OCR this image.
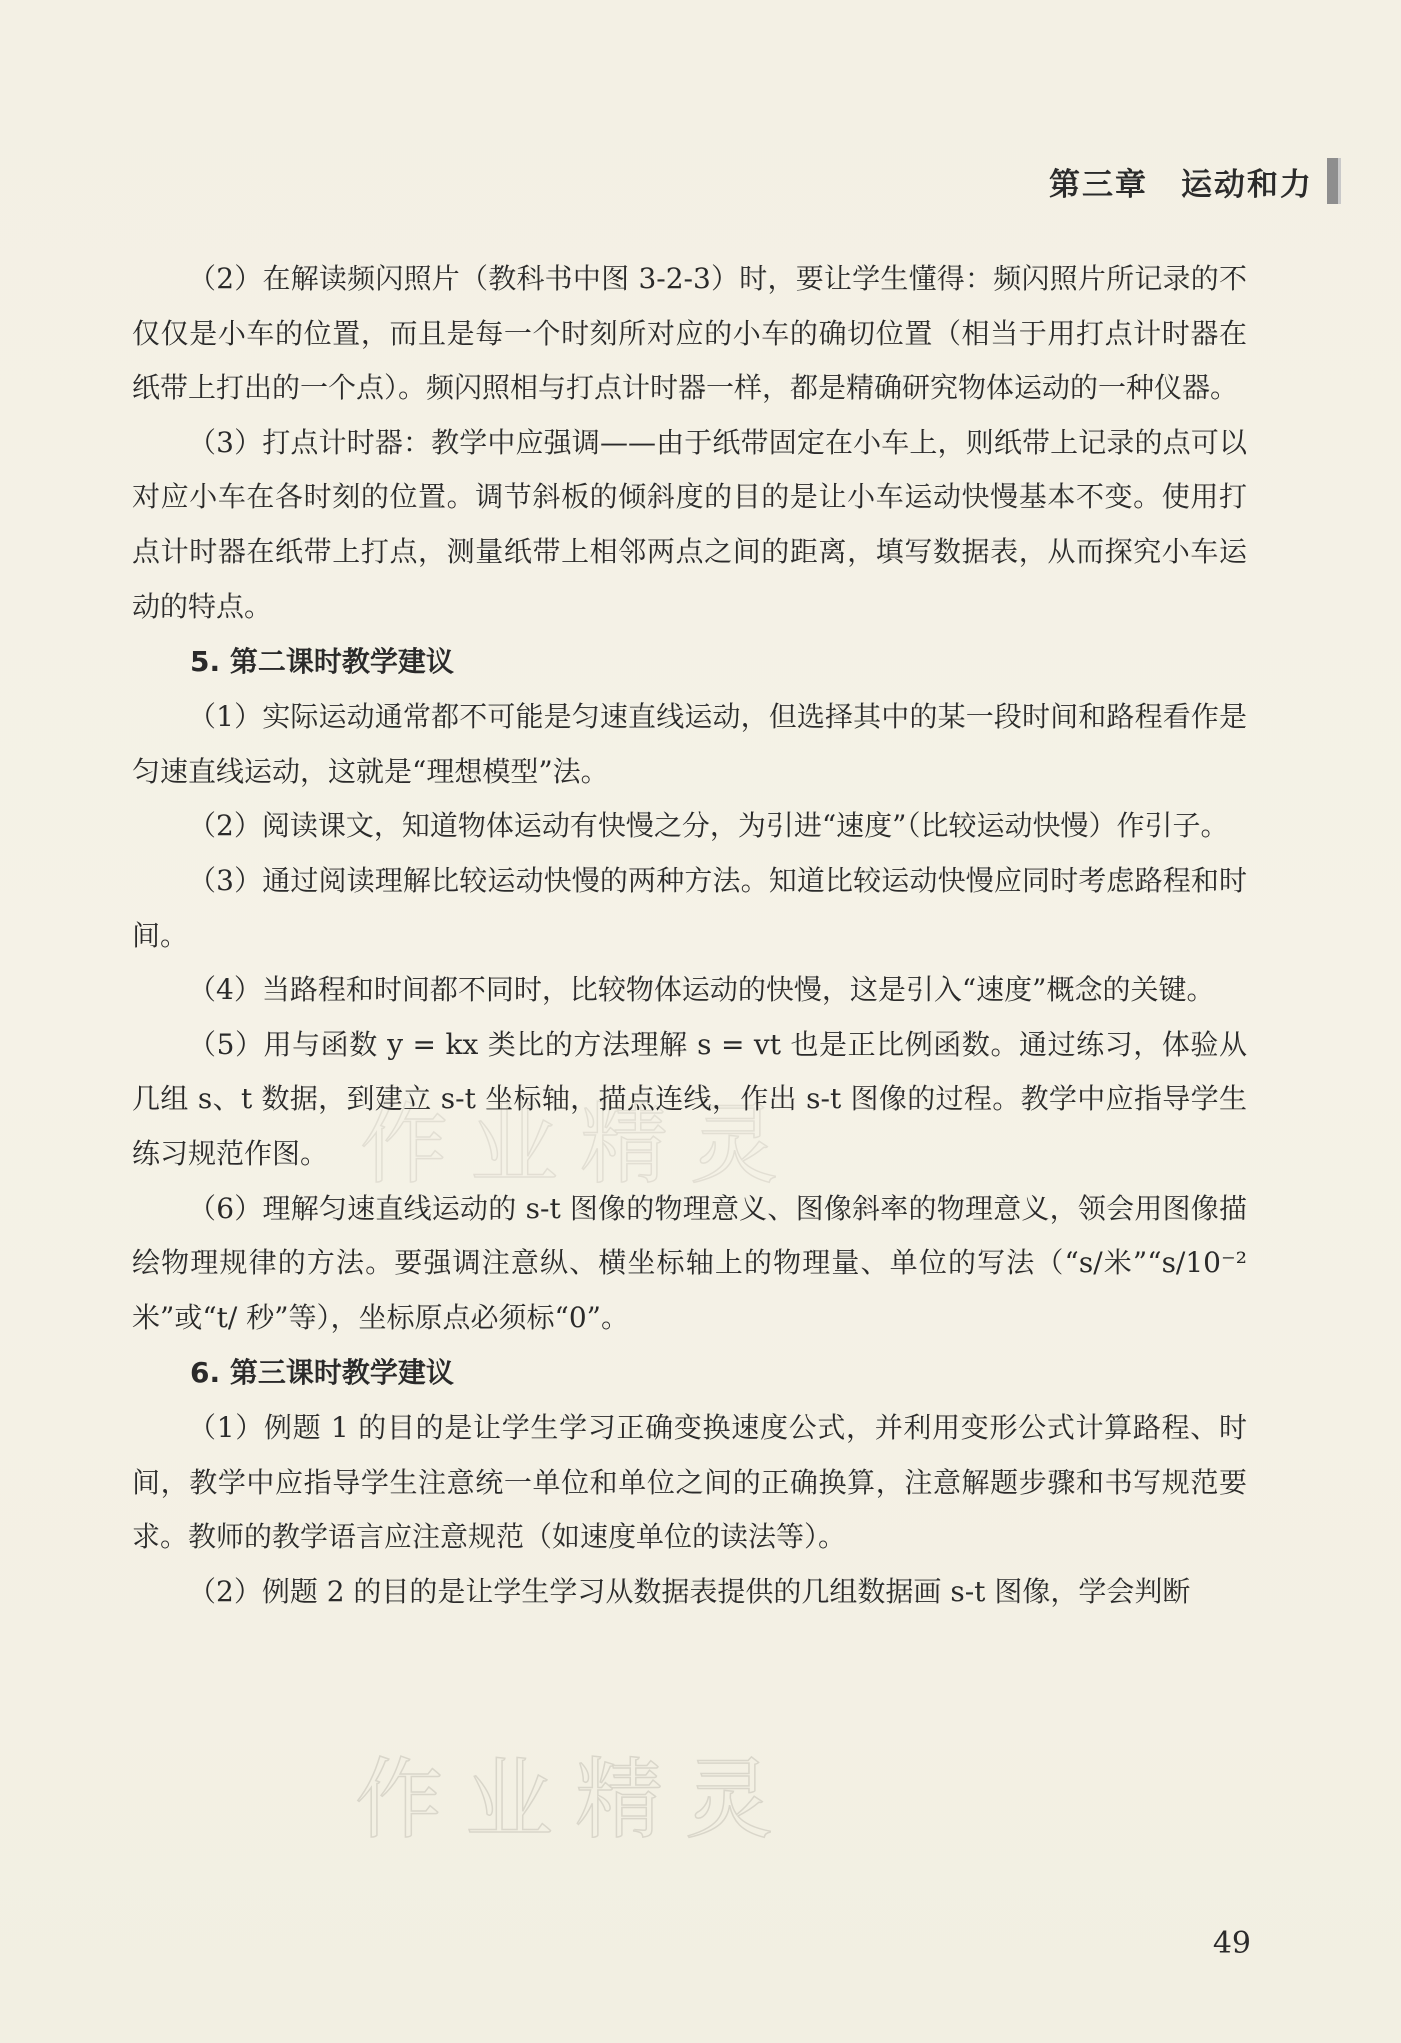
作业精灵
作业精灵
第三章　运动和力

（2）在解读频闪照片（教科书中图 3-2-3）时，要让学生懂得：频闪照片所记录的不仅仅是小车的位置，而且是每一个时刻所对应的小车的确切位置（相当于用打点计时器在纸带上打出的一个点）。频闪照相与打点计时器一样，都是精确研究物体运动的一种仪器。

（3）打点计时器：教学中应强调——由于纸带固定在小车上，则纸带上记录的点可以对应小车在各时刻的位置。调节斜板的倾斜度的目的是让小车运动快慢基本不变。使用打点计时器在纸带上打点，测量纸带上相邻两点之间的距离，填写数据表，从而探究小车运动的特点。

5. 第二课时教学建议

（1）实际运动通常都不可能是匀速直线运动，但选择其中的某一段时间和路程看作是匀速直线运动，这就是“理想模型”法。

（2）阅读课文，知道物体运动有快慢之分，为引进“速度”（比较运动快慢）作引子。

（3）通过阅读理解比较运动快慢的两种方法。知道比较运动快慢应同时考虑路程和时间。

（4）当路程和时间都不同时，比较物体运动的快慢，这是引入“速度”概念的关键。

（5）用与函数 y = kx 类比的方法理解 s = vt 也是正比例函数。通过练习，体验从几组 s、t 数据，到建立 s-t 坐标轴，描点连线，作出 s-t 图像的过程。教学中应指导学生练习规范作图。

（6）理解匀速直线运动的 s-t 图像的物理意义、图像斜率的物理意义，领会用图像描绘物理规律的方法。要强调注意纵、横坐标轴上的物理量、单位的写法（“s/米”“s/10⁻² 米”或“t/ 秒”等），坐标原点必须标“0”。

6. 第三课时教学建议

（1）例题 1 的目的是让学生学习正确变换速度公式，并利用变形公式计算路程、时间，教学中应指导学生注意统一单位和单位之间的正确换算，注意解题步骤和书写规范要求。教师的教学语言应注意规范（如速度单位的读法等）。

（2）例题 2 的目的是让学生学习从数据表提供的几组数据画 s-t 图像，学会判断

49
